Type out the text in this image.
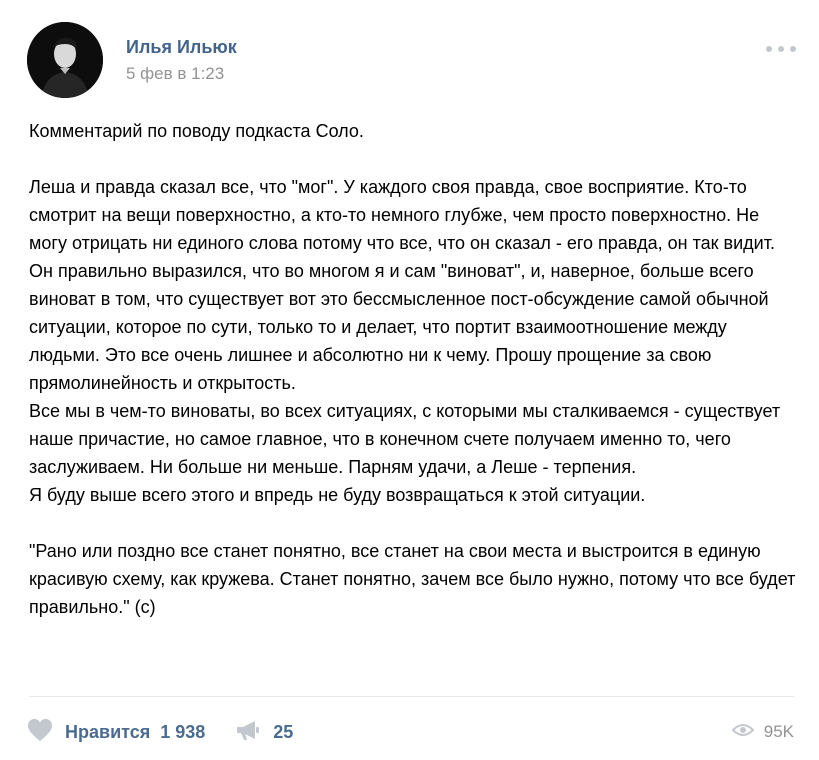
Илья Ильюк
5 фев в 1:23

Комментарий по поводу подкаста Соло.

Леша и правда сказал все, что "мог". У каждого своя правда, свое восприятие. Кто-то смотрит на вещи поверхностно, а кто-то немного глубже, чем просто поверхностно. Не могу отрицать ни единого слова потому что все, что он сказал - его правда, он так видит. Он правильно выразился, что во многом я и сам "виноват", и, наверное, больше всего виноват в том, что существует вот это бессмысленное пост-обсуждение самой обычной ситуации, которое по сути, только то и делает, что портит взаимоотношение между людьми. Это все очень лишнее и абсолютно ни к чему. Прошу прощение за свою прямолинейность и открытость.

Все мы в чем-то виноваты, во всех ситуациях, с которыми мы сталкиваемся - существует наше причастие, но самое главное, что в конечном счете получаем именно то, чего заслуживаем. Ни больше ни меньше. Парням удачи, а Леше - терпения.

Я буду выше всего этого и впредь не буду возвращаться к этой ситуации.

"Рано или поздно все станет понятно, все станет на свои места и выстроится в единую красивую схему, как кружева. Станет понятно, зачем все было нужно, потому что все будет правильно." (с)

Нравится 1 938	25	95K
